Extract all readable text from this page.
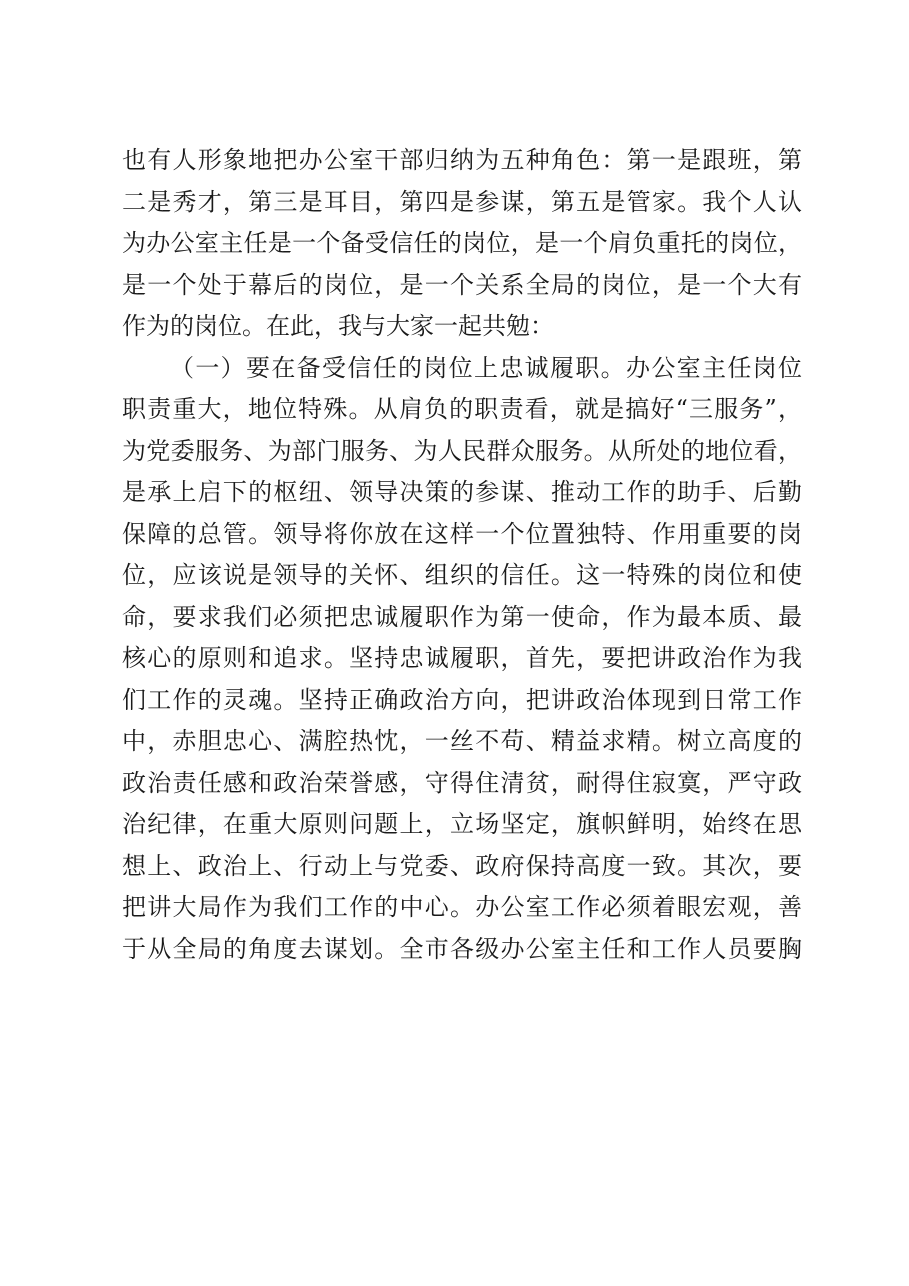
也有人形象地把办公室干部归纳为五种角色：第一是跟班，第
二是秀才，第三是耳目，第四是参谋，第五是管家。我个人认
为办公室主任是一个备受信任的岗位，是一个肩负重托的岗位，
是一个处于幕后的岗位，是一个关系全局的岗位，是一个大有
作为的岗位。在此，我与大家一起共勉：
（一）要在备受信任的岗位上忠诚履职。办公室主任岗位
职责重大，地位特殊。从肩负的职责看，就是搞好“三服务”，
为党委服务、为部门服务、为人民群众服务。从所处的地位看，
是承上启下的枢纽、领导决策的参谋、推动工作的助手、后勤
保障的总管。领导将你放在这样一个位置独特、作用重要的岗
位，应该说是领导的关怀、组织的信任。这一特殊的岗位和使
命，要求我们必须把忠诚履职作为第一使命，作为最本质、最
核心的原则和追求。坚持忠诚履职，首先，要把讲政治作为我
们工作的灵魂。坚持正确政治方向，把讲政治体现到日常工作
中，赤胆忠心、满腔热忱，一丝不苟、精益求精。树立高度的
政治责任感和政治荣誉感，守得住清贫，耐得住寂寞，严守政
治纪律，在重大原则问题上，立场坚定，旗帜鲜明，始终在思
想上、政治上、行动上与党委、政府保持高度一致。其次，要
把讲大局作为我们工作的中心。办公室工作必须着眼宏观，善
于从全局的角度去谋划。全市各级办公室主任和工作人员要胸
